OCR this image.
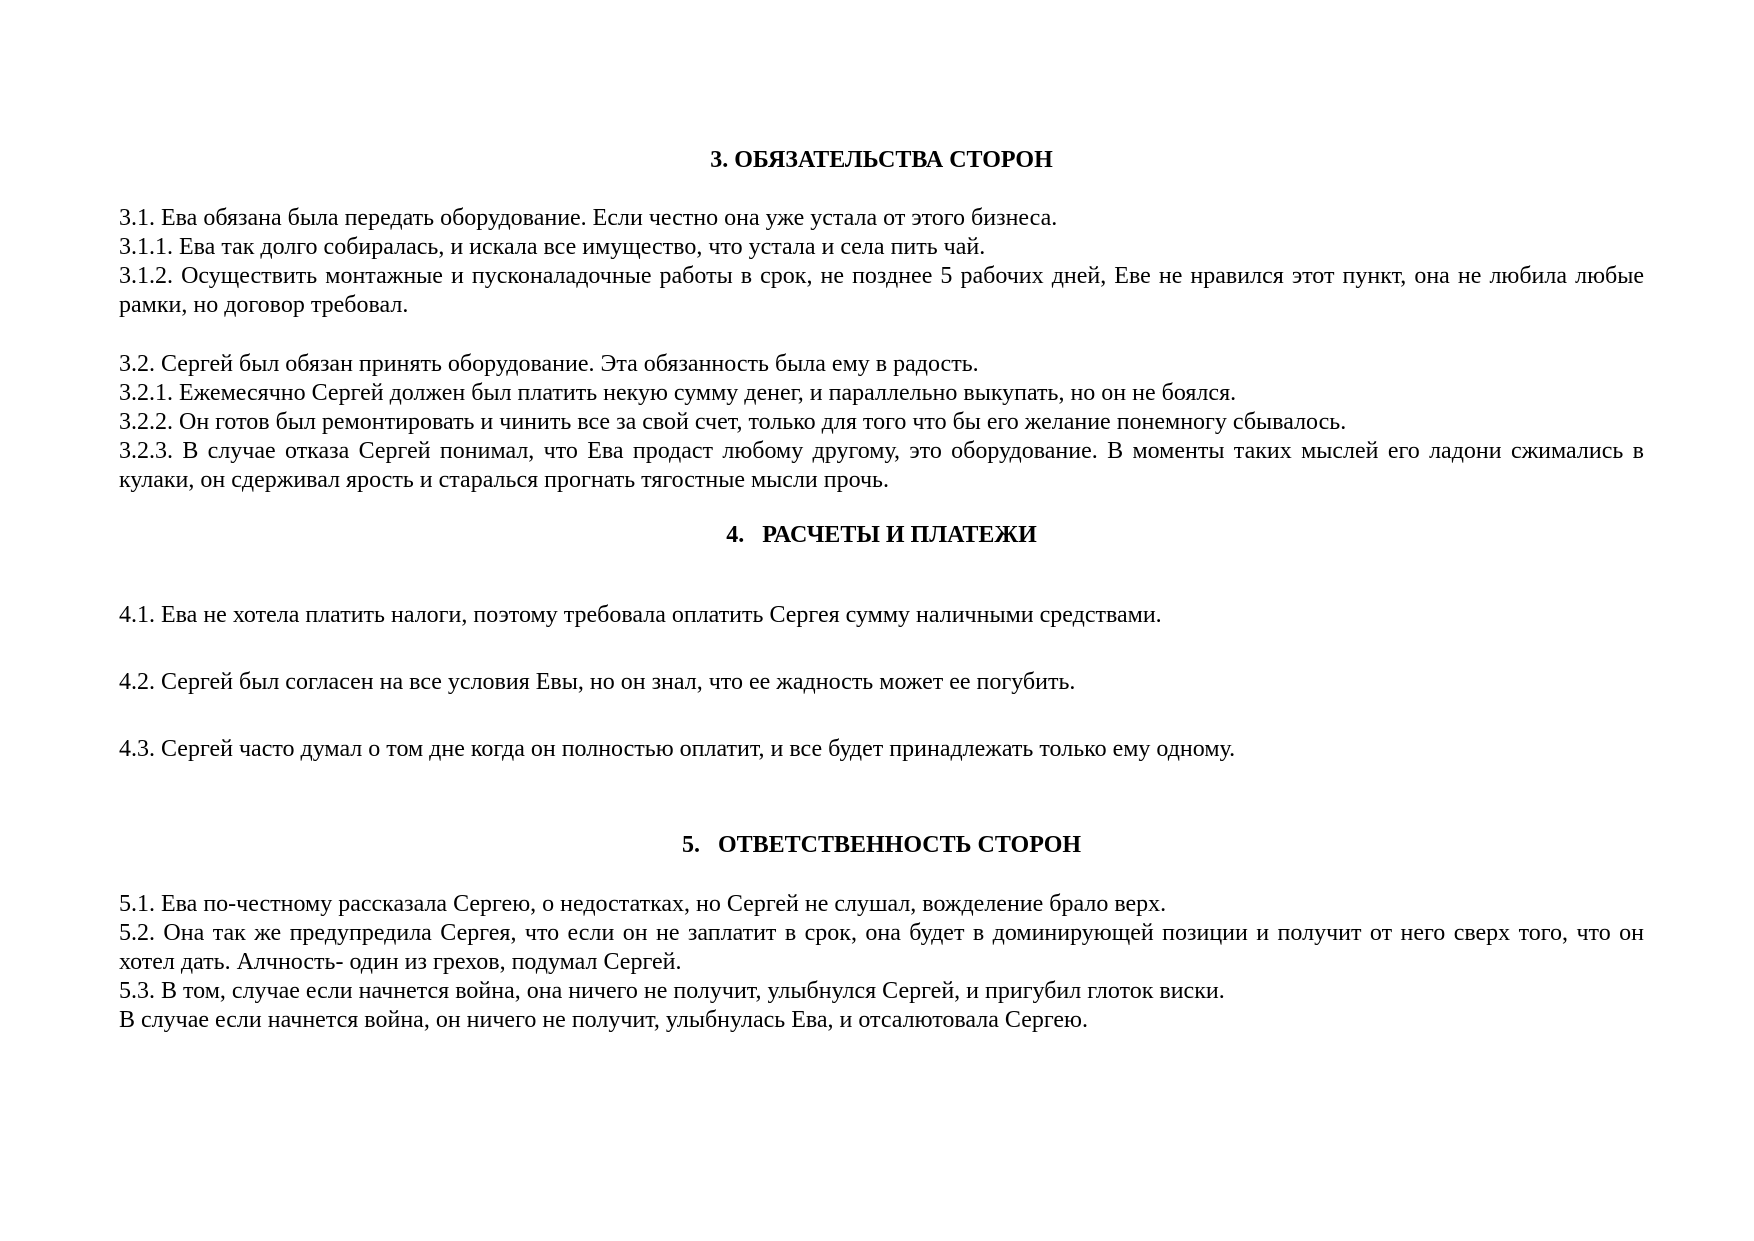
3. ОБЯЗАТЕЛЬСТВА СТОРОН
3.1. Ева обязана была передать оборудование. Если честно она уже устала от этого бизнеса.
3.1.1. Ева так долго собиралась, и искала все имущество, что устала и села пить чай.
3.1.2. Осуществить монтажные и пусконаладочные работы в срок, не позднее 5 рабочих дней, Еве не нравился этот пункт, она не любила любые рамки, но договор требовал.
3.2. Сергей был обязан принять оборудование. Эта обязанность была ему в радость.
3.2.1. Ежемесячно Сергей должен был платить некую сумму денег, и параллельно выкупать, но он не боялся.
3.2.2. Он готов был ремонтировать и чинить все за свой счет, только для того что бы его желание понемногу сбывалось.
3.2.3. В случае отказа Сергей понимал, что Ева продаст любому другому, это оборудование. В моменты таких мыслей его ладони сжимались в кулаки, он сдерживал ярость и старалься прогнать тягостные мысли прочь.
4.   РАСЧЕТЫ И ПЛАТЕЖИ
4.1. Ева не хотела платить налоги, поэтому требовала оплатить Сергея сумму наличными средствами.
4.2. Сергей был согласен на все условия Евы, но он знал, что ее жадность может ее погубить.
4.3. Сергей часто думал о том дне когда он полностью оплатит, и все будет принадлежать только ему одному.
5.   ОТВЕТСТВЕННОСТЬ СТОРОН
5.1. Ева по-честному рассказала Сергею, о недостатках, но Сергей не слушал, вожделение брало верх.
5.2. Она так же предупредила Сергея, что если он не заплатит в срок, она будет в доминирующей позиции и получит от него сверх того, что он хотел дать. Алчность- один из грехов, подумал Сергей.
5.3. В том, случае если начнется война, она ничего не получит, улыбнулся Сергей, и пригубил глоток виски.
В случае если начнется война, он ничего не получит, улыбнулась Ева, и отсалютовала Сергею.
